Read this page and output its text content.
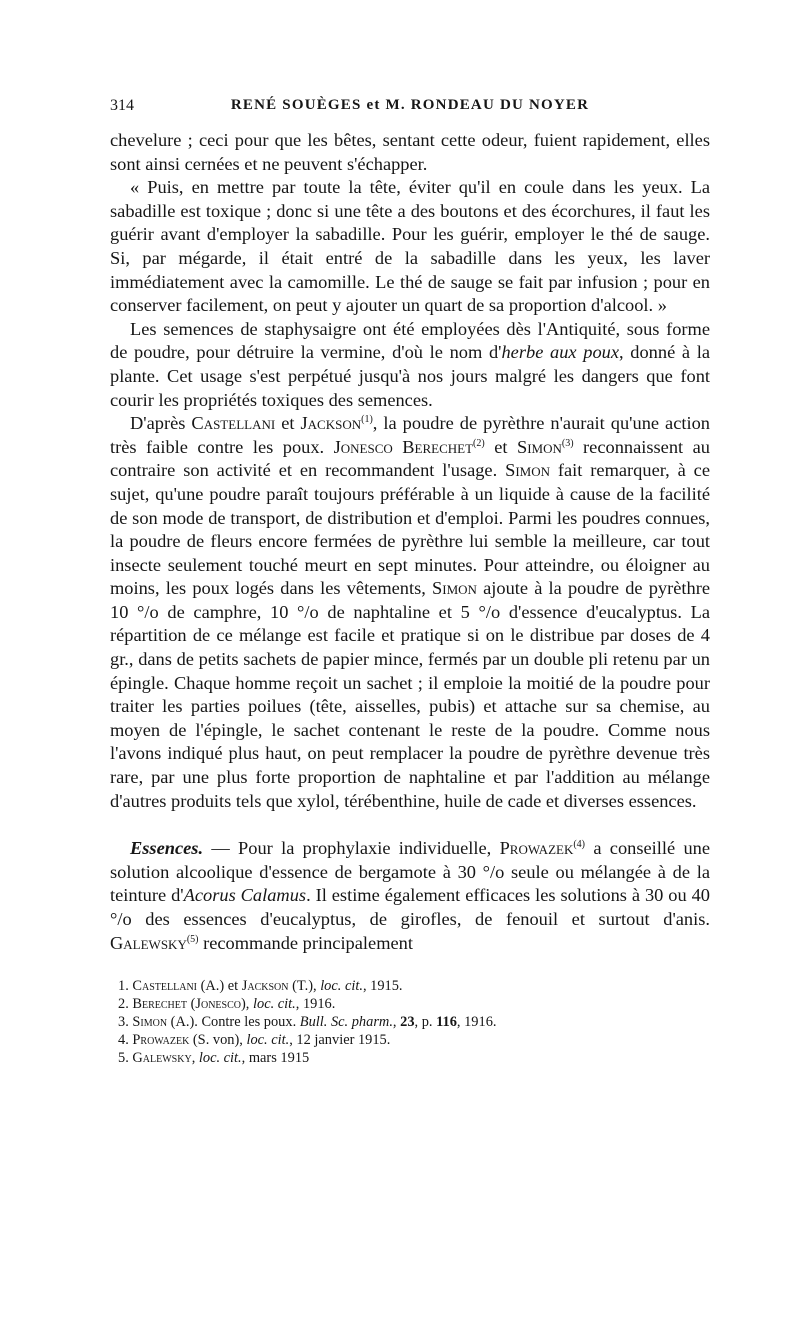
314	RENÉ SOUÈGES et M. RONDEAU DU NOYER

chevelure ; ceci pour que les bêtes, sentant cette odeur, fuient rapidement, elles sont ainsi cernées et ne peuvent s'échapper.

« Puis, en mettre par toute la tête, éviter qu'il en coule dans les yeux. La sabadille est toxique ; donc si une tête a des boutons et des écorchures, il faut les guérir avant d'employer la sabadille. Pour les guérir, employer le thé de sauge. Si, par mégarde, il était entré de la sabadille dans les yeux, les laver immédiatement avec la camomille. Le thé de sauge se fait par infusion ; pour en conserver facilement, on peut y ajouter un quart de sa proportion d'alcool. »

Les semences de staphysaigre ont été employées dès l'Antiquité, sous forme de poudre, pour détruire la vermine, d'où le nom d'herbe aux poux, donné à la plante. Cet usage s'est perpétué jusqu'à nos jours malgré les dangers que font courir les propriétés toxiques des semences.

D'après Castellani et Jackson$^{(1)}$, la poudre de pyrèthre n'aurait qu'une action très faible contre les poux. Jonesco Berechet$^{(2)}$ et Simon$^{(3)}$ reconnaissent au contraire son activité et en recommandent l'usage. Simon fait remarquer, à ce sujet, qu'une poudre paraît toujours préférable à un liquide à cause de la facilité de son mode de transport, de distribution et d'emploi. Parmi les poudres connues, la poudre de fleurs encore fermées de pyrèthre lui semble la meilleure, car tout insecte seulement touché meurt en sept minutes. Pour atteindre, ou éloigner au moins, les poux logés dans les vêtements, Simon ajoute à la poudre de pyrèthre 10 °/o de camphre, 10 °/o de naphtaline et 5 °/o d'essence d'eucalyptus. La répartition de ce mélange est facile et pratique si on le distribue par doses de 4 gr., dans de petits sachets de papier mince, fermés par un double pli retenu par un épingle. Chaque homme reçoit un sachet ; il emploie la moitié de la poudre pour traiter les parties poilues (tête, aisselles, pubis) et attache sur sa chemise, au moyen de l'épingle, le sachet contenant le reste de la poudre. Comme nous l'avons indiqué plus haut, on peut remplacer la poudre de pyrèthre devenue très rare, par une plus forte proportion de naphtaline et par l'addition au mélange d'autres produits tels que xylol, térébenthine, huile de cade et diverses essences.

Essences. — Pour la prophylaxie individuelle, Prowazek$^{(4)}$ a conseillé une solution alcoolique d'essence de bergamote à 30 °/o seule ou mélangée à de la teinture d'Acorus Calamus. Il estime également efficaces les solutions à 30 ou 40 °/o des essences d'eucalyptus, de girofles, de fenouil et surtout d'anis. Galewsky$^{(5)}$ recommande principalement

1. Castellani (A.) et Jackson (T.), loc. cit., 1915.

2. Berechet (Jonesco), loc. cit., 1916.

3. Simon (A.). Contre les poux. Bull. Sc. pharm., 23, p. 116, 1916.

4. Prowazek (S. von), loc. cit., 12 janvier 1915.

5. Galewsky, loc. cit., mars 1915
